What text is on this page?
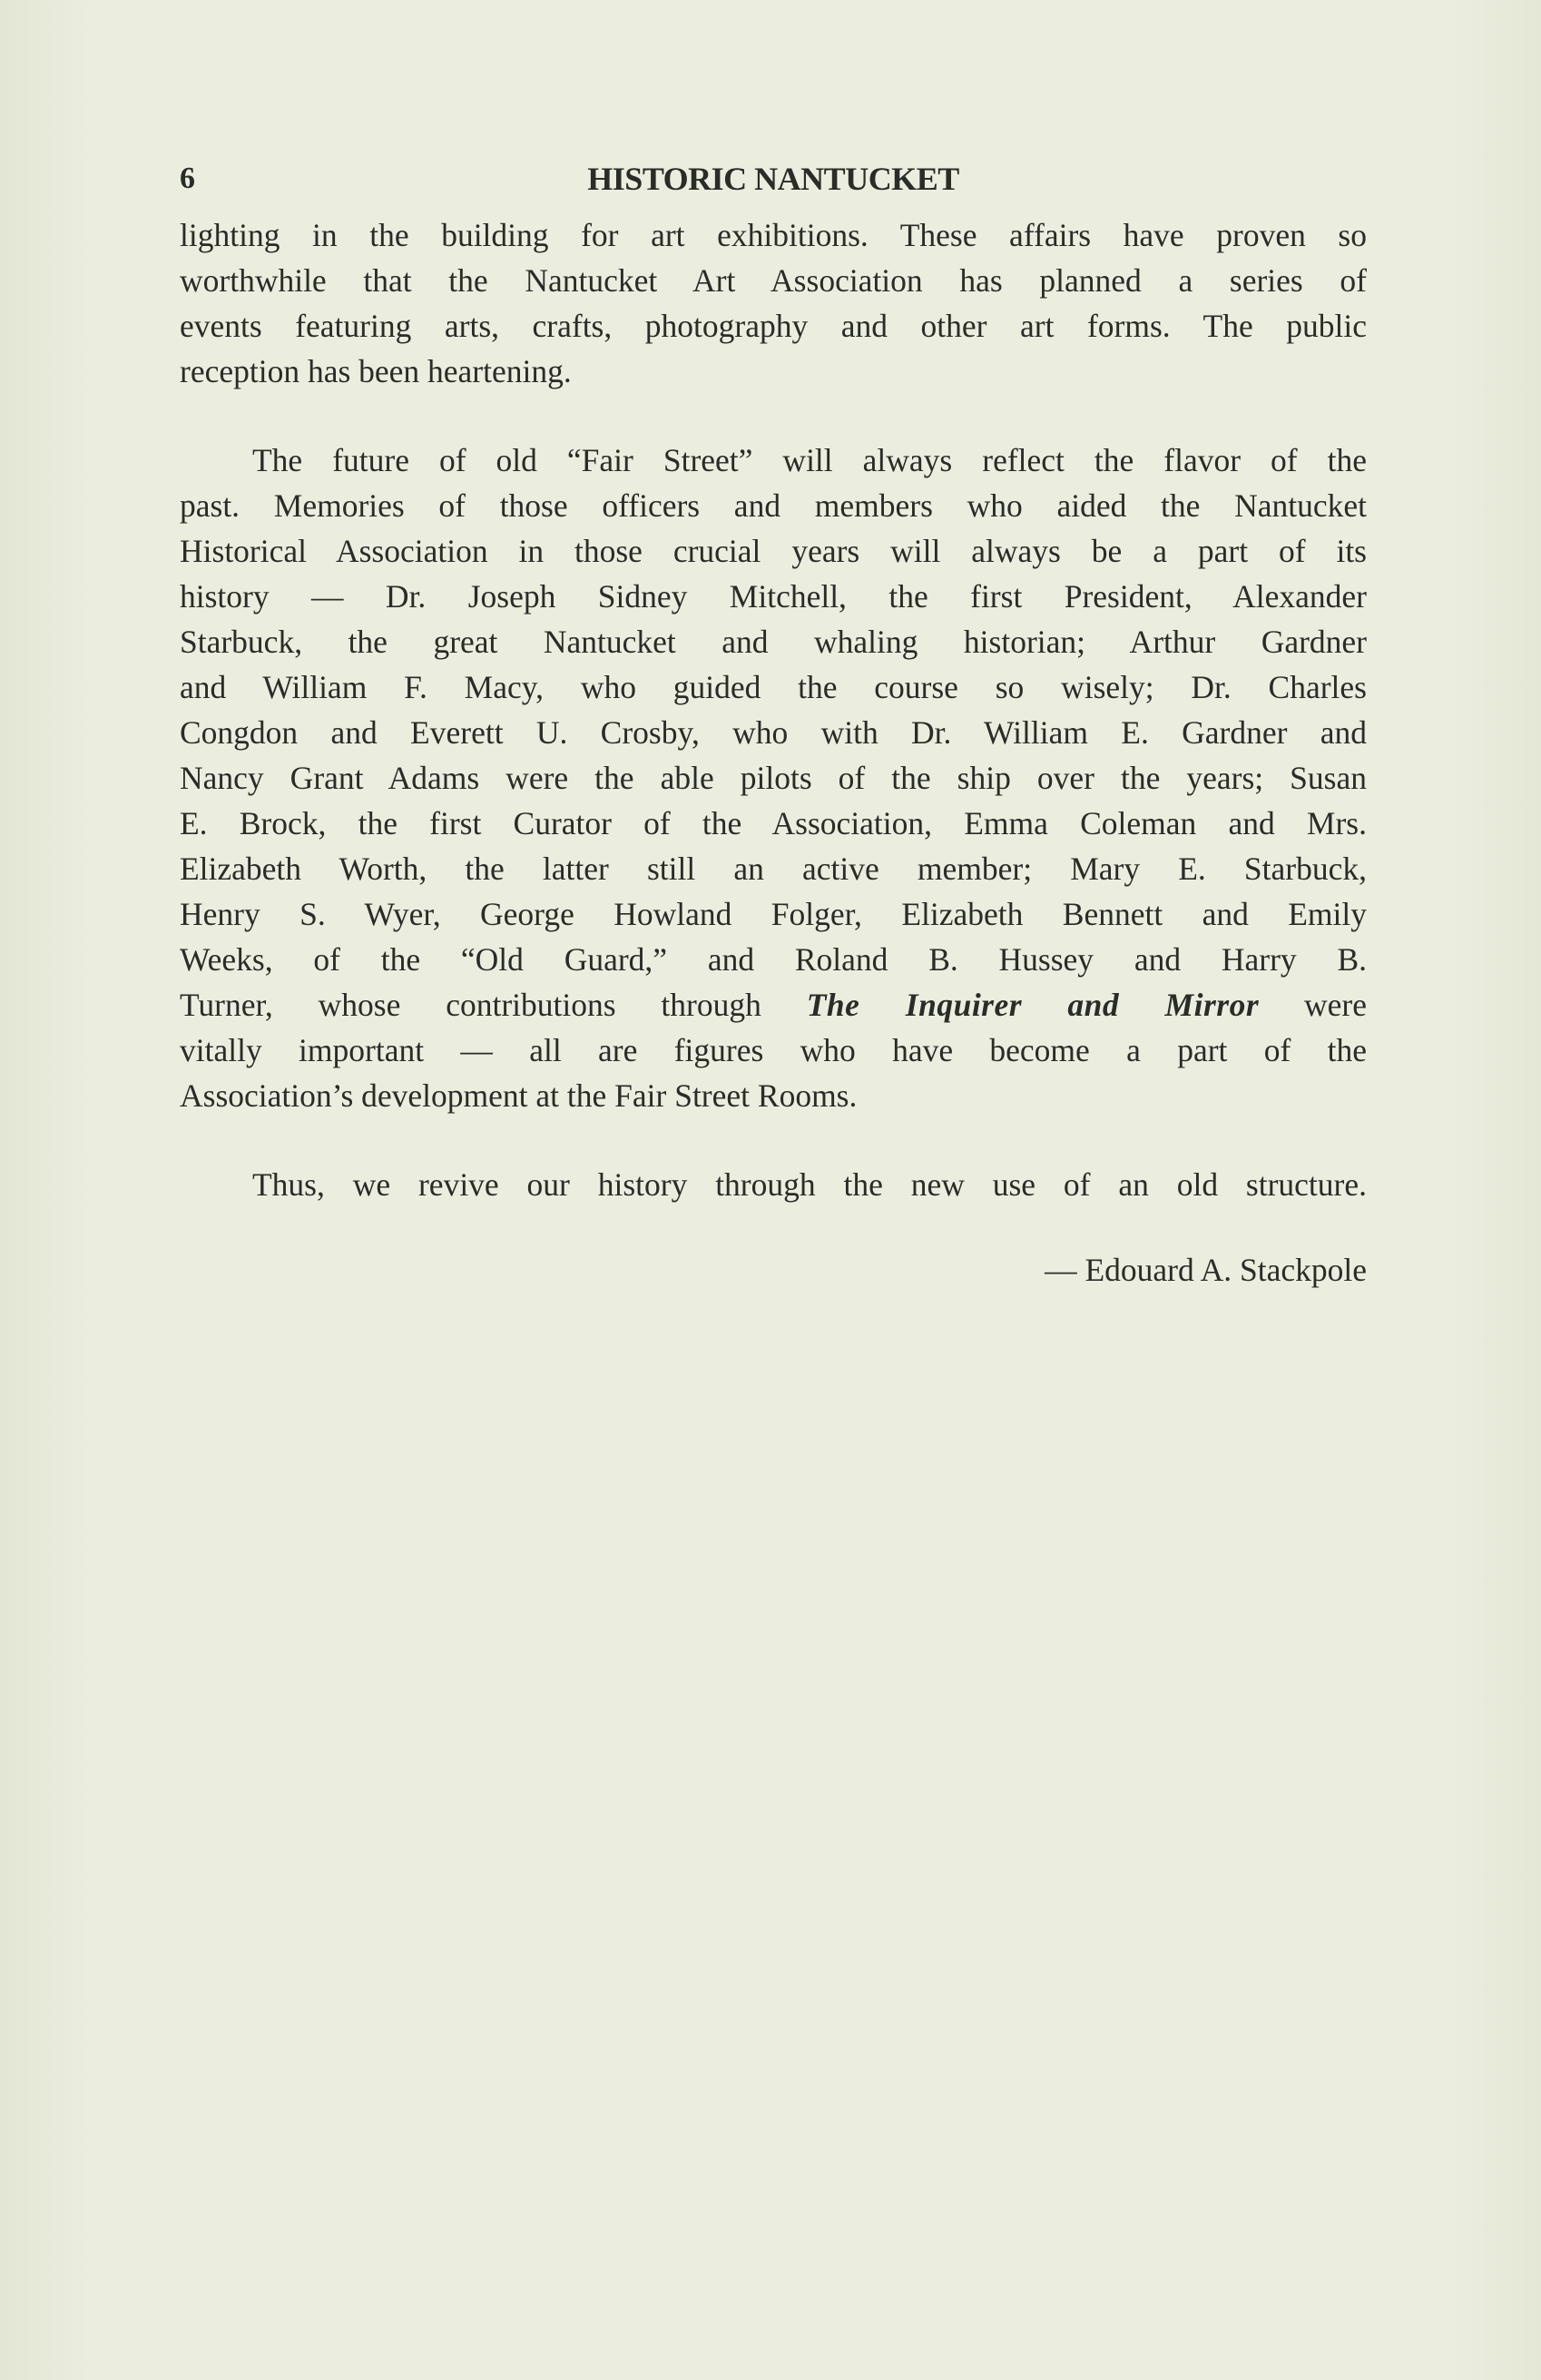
6	HISTORIC NANTUCKET
lighting in the building for art exhibitions. These affairs have proven so
worthwhile that the Nantucket Art Association has planned a series of
events featuring arts, crafts, photography and other art forms. The public
reception has been heartening.
The future of old “Fair Street” will always reflect the flavor of the
past. Memories of those officers and members who aided the Nantucket
Historical Association in those crucial years will always be a part of its
history — Dr. Joseph Sidney Mitchell, the first President, Alexander
Starbuck, the great Nantucket and whaling historian; Arthur Gardner
and William F. Macy, who guided the course so wisely; Dr. Charles
Congdon and Everett U. Crosby, who with Dr. William E. Gardner and
Nancy Grant Adams were the able pilots of the ship over the years; Susan
E. Brock, the first Curator of the Association, Emma Coleman and Mrs.
Elizabeth Worth, the latter still an active member; Mary E. Starbuck,
Henry S. Wyer, George Howland Folger, Elizabeth Bennett and Emily
Weeks, of the “Old Guard,” and Roland B. Hussey and Harry B.
Turner, whose contributions through The Inquirer and Mirror were
vitally important — all are figures who have become a part of the
Association’s development at the Fair Street Rooms.
Thus, we revive our history through the new use of an old structure.
— Edouard A. Stackpole
